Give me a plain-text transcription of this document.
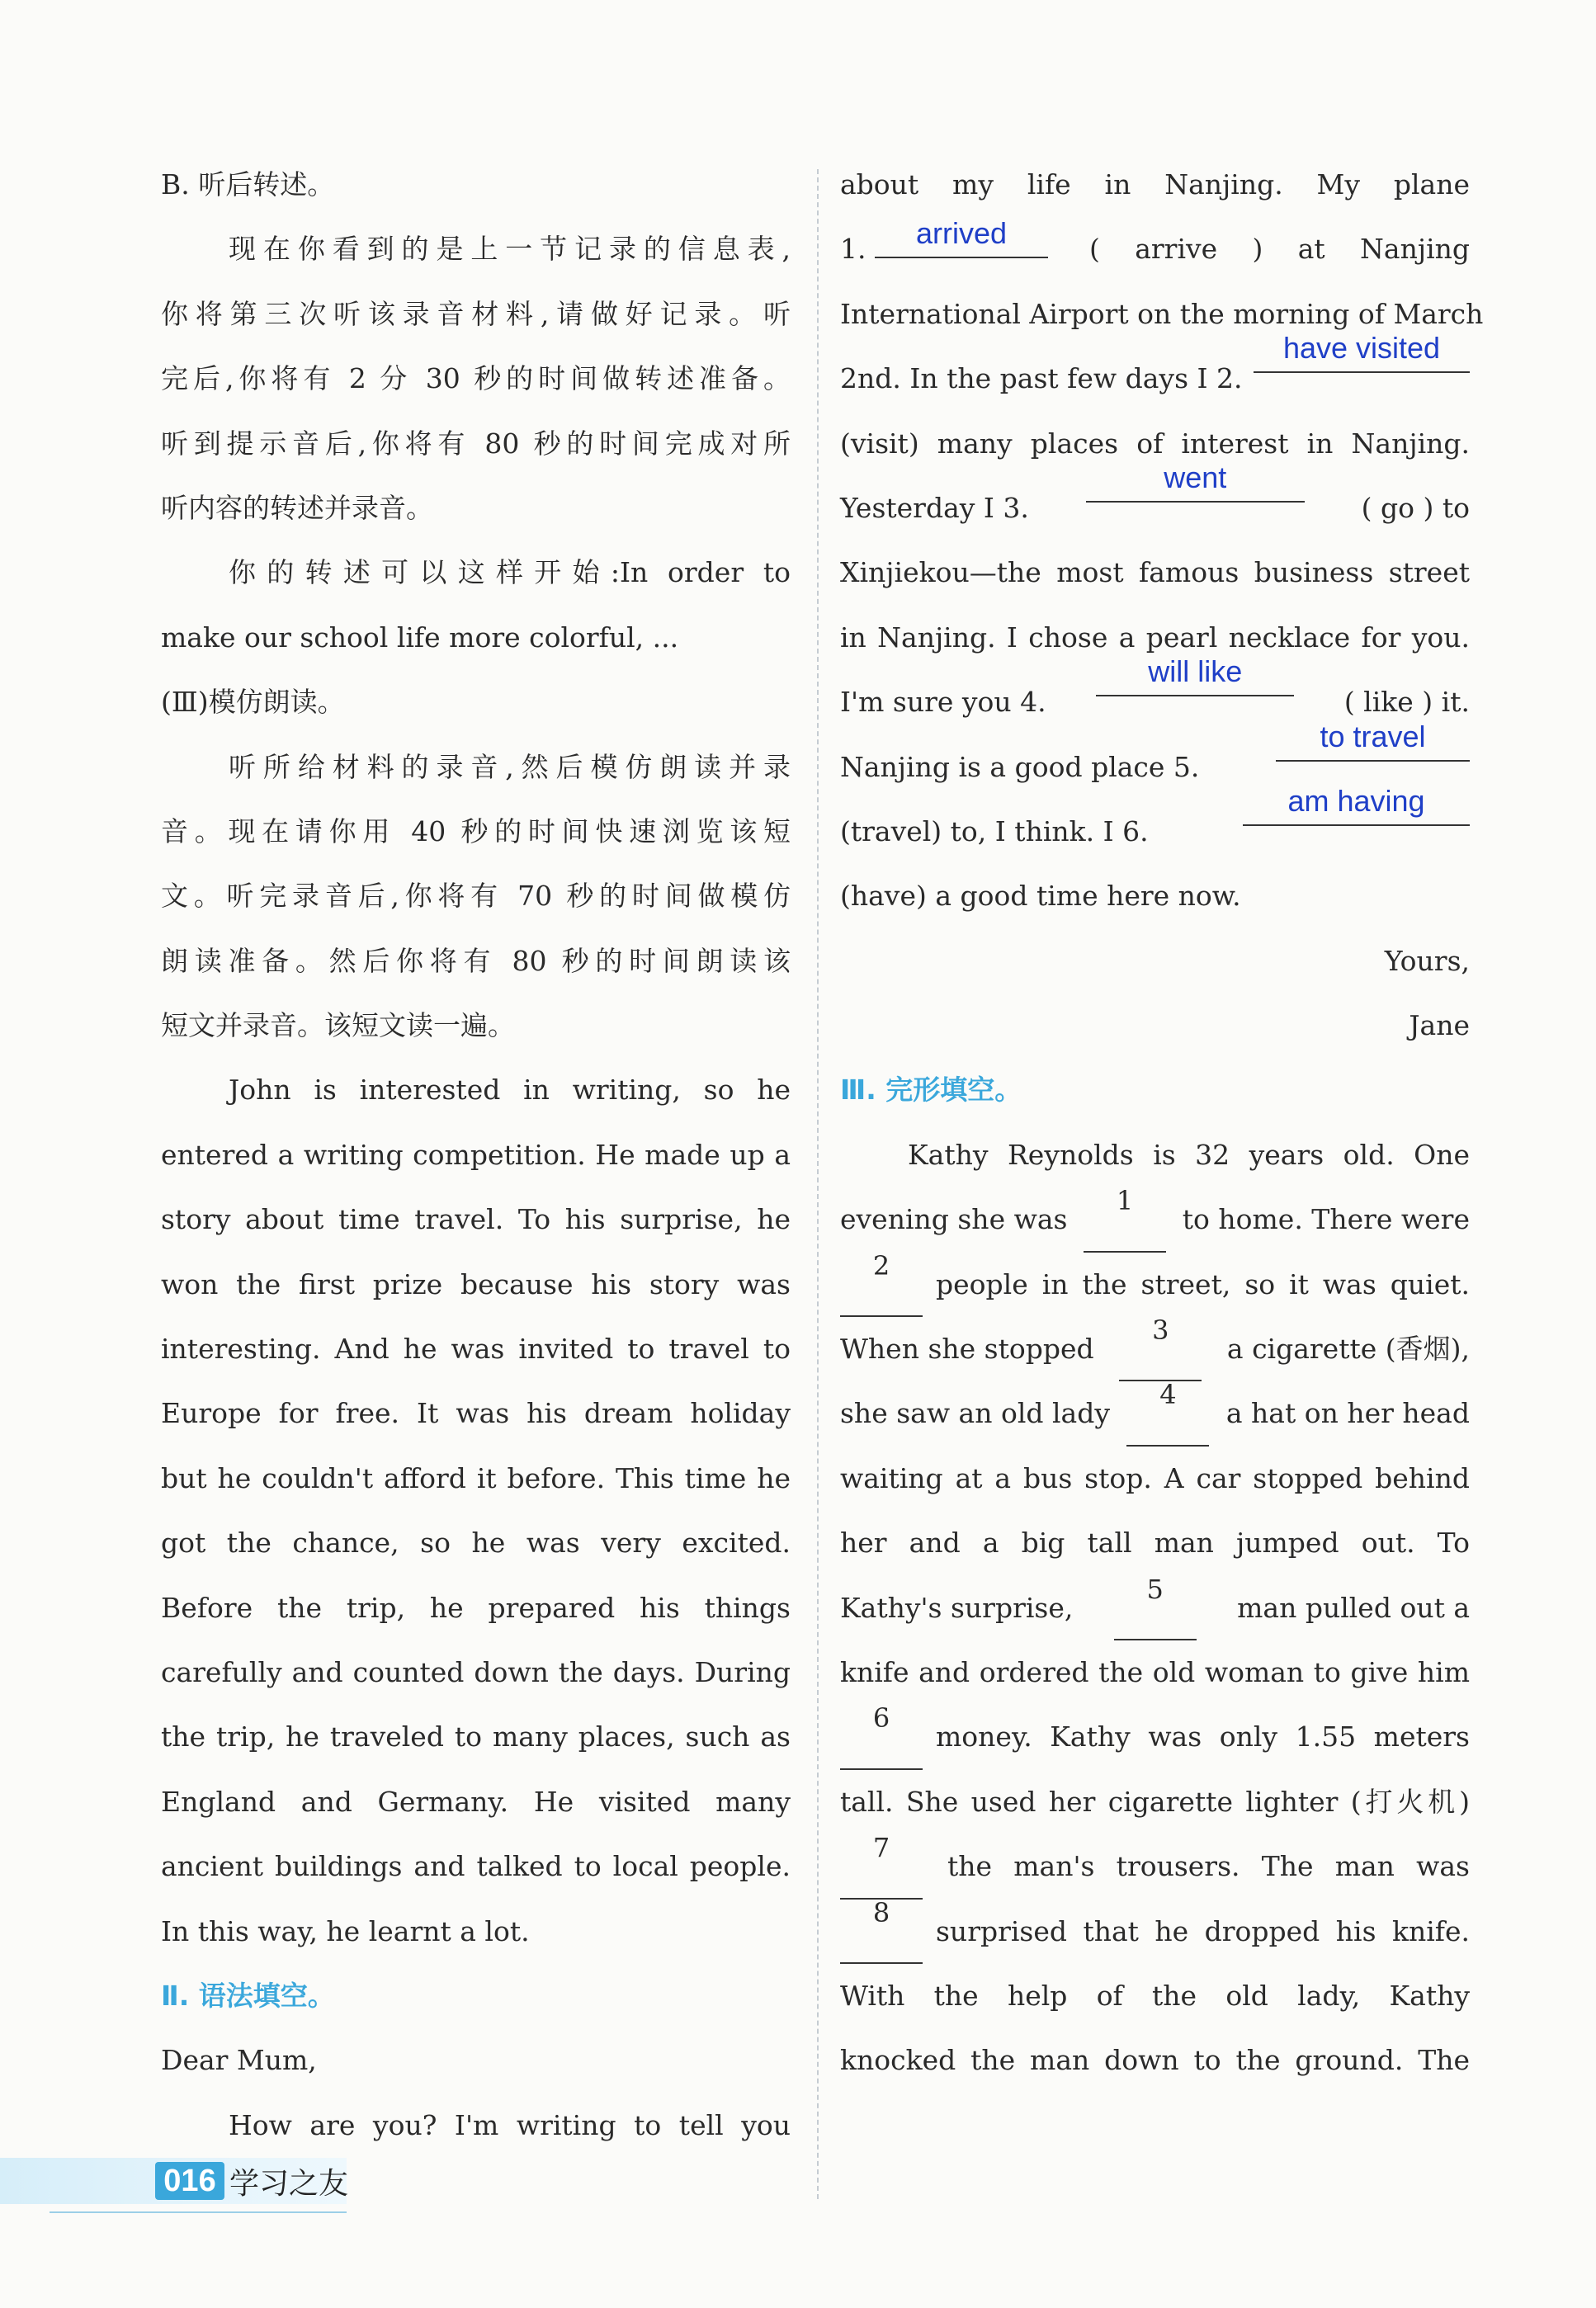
B. 听后转述。
现在你看到的是上一节记录的信息表,
你将第三次听该录音材料,请做好记录。听
完后,你将有 2 分 30 秒的时间做转述准备。
听到提示音后,你将有 80 秒的时间完成对所
听内容的转述并录音。
你的转述可以这样开始:In order to
make our school life more colorful, ...
(Ⅲ)模仿朗读。
听所给材料的录音,然后模仿朗读并录
音。现在请你用 40 秒的时间快速浏览该短
文。听完录音后,你将有 70 秒的时间做模仿
朗读准备。然后你将有 80 秒的时间朗读该
短文并录音。该短文读一遍。
John is interested in writing, so he
entered a writing competition. He made up a
story about time travel. To his surprise, he
won the first prize because his story was
interesting. And he was invited to travel to
Europe for free. It was his dream holiday
but he couldn't afford it before. This time he
got the chance, so he was very excited.
Before the trip, he prepared his things
carefully and counted down the days. During
the trip, he traveled to many places, such as
England and Germany. He visited many
ancient buildings and talked to local people.
In this way, he learnt a lot.
Ⅱ. 语法填空。
Dear Mum,
How are you? I'm writing to tell you
about my life in Nanjing. My plane
1.	arrived	( arrive ) at Nanjing
International Airport on the morning of March
2nd. In the past few days I 2.
have visited
(visit) many places of interest in Nanjing.
Yesterday I 3.
went
( go ) to
Xinjiekou—the most famous business street
in Nanjing. I chose a pearl necklace for you.
I'm sure you 4.
will like
( like ) it.
Nanjing is a good place 5.
to travel
(travel) to, I think. I 6.
am having
(have) a good time here now.
Yours,
Jane
Ⅲ. 完形填空。
Kathy Reynolds is 32 years old. One
evening she was
1
to home. There were
2
people in the street, so it was quiet.
When she stopped
3
a cigarette (香烟),
she saw an old lady
4
a hat on her head
waiting at a bus stop. A car stopped behind
her and a big tall man jumped out. To
Kathy's surprise,
5
man pulled out a
knife and ordered the old woman to give him
6
money. Kathy was only 1.55 meters
tall. She used her cigarette lighter (打火机)
7
the man's trousers. The man was
8
surprised that he dropped his knife.
With the help of the old lady, Kathy
knocked the man down to the ground. The
016 学习之友
